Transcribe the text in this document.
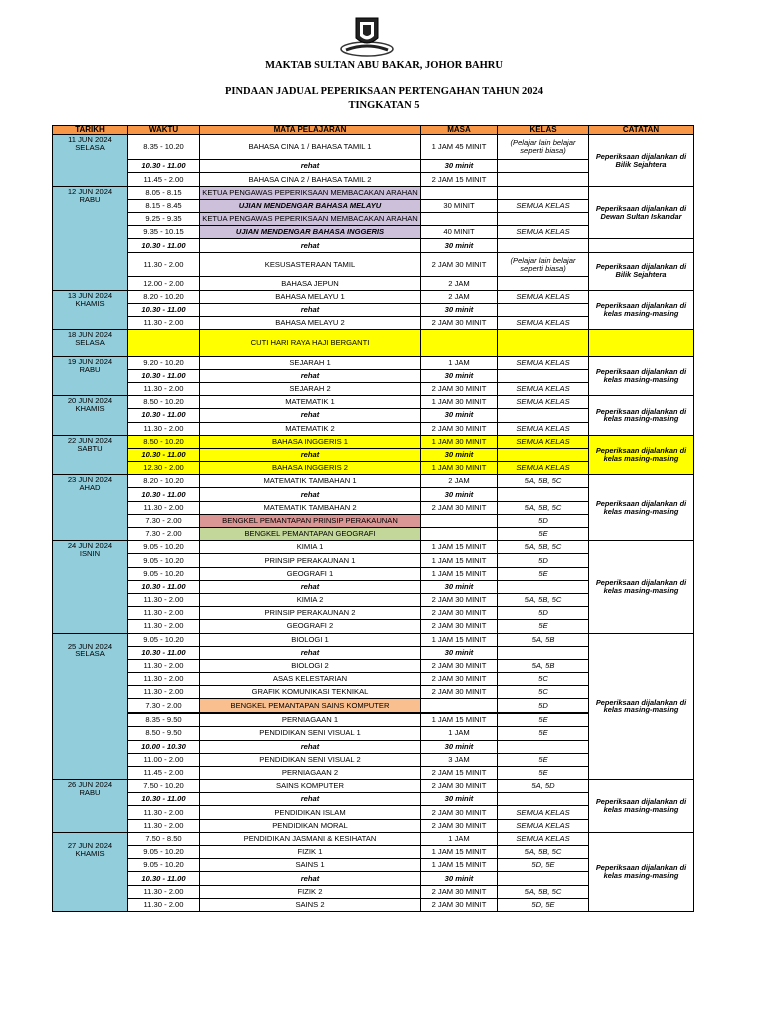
MAKTAB SULTAN ABU BAKAR, JOHOR BAHRU
PINDAAN JADUAL PEPERIKSAAN PERTENGAHAN TAHUN 2024
TINGKATAN 5
TARIKH	WAKTU	MATA PELAJARAN	MASA	KELAS	CATATAN

11 JUN 2024
SELASA	8.35 - 10.20	BAHASA CINA 1 / BAHASA TAMIL 1	1 JAM 45 MINIT	(Pelajar lain belajar seperti biasa)	Peperiksaan dijalankan di Bilik Sejahtera
	10.30 - 11.00	rehat	30 minit		
	11.45 - 2.00	BAHASA CINA 2 / BAHASA TAMIL 2	2 JAM 15 MINIT		

12 JUN 2024
RABU	8.05 - 8.15	KETUA PENGAWAS PEPERIKSAAN MEMBACAKAN ARAHAN			Peperiksaan dijalankan di Dewan Sultan Iskandar
	8.15 - 8.45	UJIAN MENDENGAR BAHASA MELAYU	30 MINIT	SEMUA KELAS	
	9.25 - 9.35	KETUA PENGAWAS PEPERIKSAAN MEMBACAKAN ARAHAN			
	9.35 - 10.15	UJIAN MENDENGAR BAHASA INGGERIS	40 MINIT	SEMUA KELAS	
	10.30 - 11.00	rehat	30 minit		
	11.30 - 2.00	KESUSASTERAAN TAMIL	2 JAM 30 MINIT	(Pelajar lain belajar seperti biasa)	Peperiksaan dijalankan di Bilik Sejahtera
	12.00 - 2.00	BAHASA JEPUN	2 JAM		

13 JUN 2024
KHAMIS	8.20 - 10.20	BAHASA MELAYU 1	2 JAM	SEMUA KELAS	Peperiksaan dijalankan di kelas masing-masing
	10.30 - 11.00	rehat	30 minit		
	11.30 - 2.00	BAHASA MELAYU 2	2 JAM 30 MINIT	SEMUA KELAS	

18 JUN 2024
SELASA		CUTI HARI RAYA HAJI BERGANTI			

19 JUN 2024
RABU	9.20 - 10.20	SEJARAH 1	1 JAM	SEMUA KELAS	Peperiksaan dijalankan di kelas masing-masing
	10.30 - 11.00	rehat	30 minit		
	11.30 - 2.00	SEJARAH 2	2 JAM 30 MINIT	SEMUA KELAS	

20 JUN 2024
KHAMIS	8.50 - 10.20	MATEMATIK 1	1 JAM 30 MINIT	SEMUA KELAS	Peperiksaan dijalankan di kelas masing-masing
	10.30 - 11.00	rehat	30 minit		
	11.30 - 2.00	MATEMATIK 2	2 JAM 30 MINIT	SEMUA KELAS	

22 JUN 2024
SABTU	8.50 - 10.20	BAHASA INGGERIS 1	1 JAM 30 MINIT	SEMUA KELAS	Peperiksaan dijalankan di kelas masing-masing
	10.30 - 11.00	rehat	30 minit		
	12.30 - 2.00	BAHASA INGGERIS 2	1 JAM 30 MINIT	SEMUA KELAS	

23 JUN 2024
AHAD	8.20 - 10.20	MATEMATIK TAMBAHAN 1	2 JAM	5A, 5B, 5C	Peperiksaan dijalankan di kelas masing-masing
	10.30 - 11.00	rehat	30 minit		
	11.30 - 2.00	MATEMATIK TAMBAHAN 2	2 JAM 30 MINIT	5A, 5B, 5C	
	7.30 - 2.00	BENGKEL PEMANTAPAN PRINSIP PERAKAUNAN		5D	
	7.30 - 2.00	BENGKEL PEMANTAPAN GEOGRAFI		5E	

24 JUN 2024
ISNIN	9.05 - 10.20	KIMIA 1	1 JAM 15 MINIT	5A, 5B, 5C	Peperiksaan dijalankan di kelas masing-masing
	9.05 - 10.20	PRINSIP PERAKAUNAN 1	1 JAM 15 MINIT	5D	
	9.05 - 10.20	GEOGRAFI 1	1 JAM 15 MINIT	5E	
	10.30 - 11.00	rehat	30 minit		
	11.30 - 2.00	KIMIA 2	2 JAM 30 MINIT	5A, 5B, 5C	
	11.30 - 2.00	PRINSIP PERAKAUNAN 2	2 JAM 30 MINIT	5D	
	11.30 - 2.00	GEOGRAFI 2	2 JAM 30 MINIT	5E	

25 JUN 2024
SELASA	9.05 - 10.20	BIOLOGI 1	1 JAM 15 MINIT	5A, 5B	Peperiksaan dijalankan di kelas masing-masing
	10.30 - 11.00	rehat	30 minit		
	11.30 - 2.00	BIOLOGI 2	2 JAM 30 MINIT	5A, 5B	
	11.30 - 2.00	ASAS KELESTARIAN	2 JAM 30 MINIT	5C	
	11.30 - 2.00	GRAFIK KOMUNIKASI TEKNIKAL	2 JAM 30 MINIT	5C	
	7.30 - 2.00	BENGKEL PEMANTAPAN SAINS KOMPUTER		5D	

	8.35 - 9.50	PERNIAGAAN 1	1 JAM 15 MINIT	5E	
	8.50 - 9.50	PENDIDIKAN SENI VISUAL 1	1 JAM	5E	
	10.00 - 10.30	rehat	30 minit		
	11.00 - 2.00	PENDIDIKAN SENI VISUAL 2	3 JAM	5E	
	11.45 - 2.00	PERNIAGAAN 2	2 JAM 15 MINIT	5E	

26 JUN 2024
RABU	7.50 - 10.20	SAINS KOMPUTER	2 JAM 30 MINIT	5A, 5D	Peperiksaan dijalankan di kelas masing-masing
	10.30 - 11.00	rehat	30 minit		
	11.30 - 2.00	PENDIDIKAN ISLAM	2 JAM 30 MINIT	SEMUA KELAS	
	11.30 - 2.00	PENDIDIKAN MORAL	2 JAM 30 MINIT	SEMUA KELAS	

27 JUN 2024
KHAMIS	7.50 - 8.50	PENDIDIKAN JASMANI & KESIHATAN	1 JAM	SEMUA KELAS	Peperiksaan dijalankan di kelas masing-masing
	9.05 - 10.20	FIZIK 1	1 JAM 15 MINIT	5A, 5B, 5C	
	9.05 - 10.20	SAINS 1	1 JAM 15 MINIT	5D, 5E	
	10.30 - 11.00	rehat	30 minit		
	11.30 - 2.00	FIZIK 2	2 JAM 30 MINIT	5A, 5B, 5C	
	11.30 - 2.00	SAINS 2	2 JAM 30 MINIT	5D, 5E	
